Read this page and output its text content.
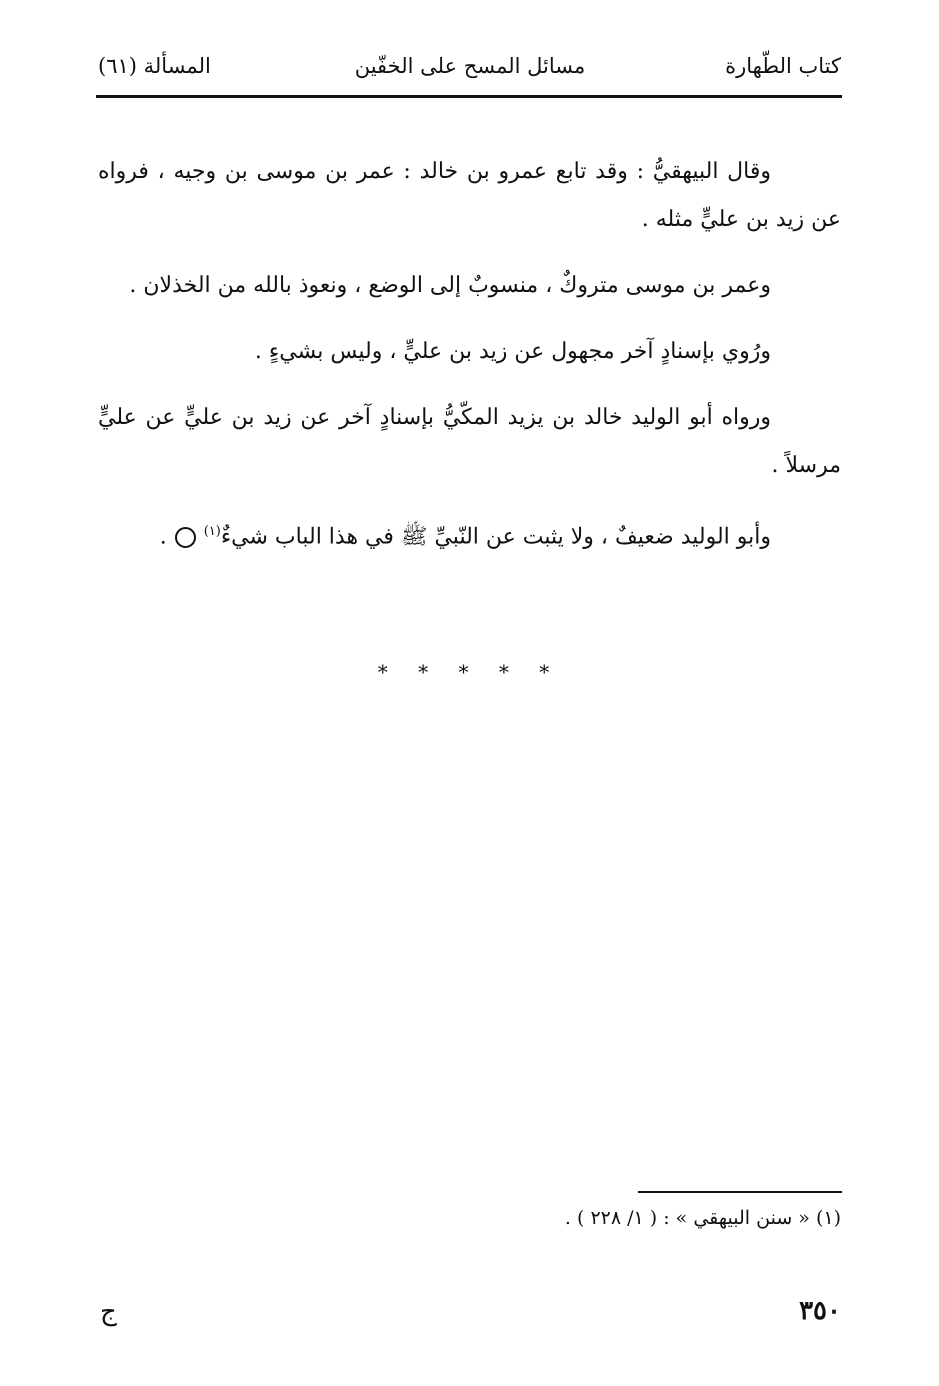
كتاب الطّهارة
مسائل المسح على الخفّين
المسألة (٦١)

وقال البيهقيُّ : وقد تابع عمرو بن خالد : عمر بن موسى بن وجيه ، فرواه عن زيد بن عليٍّ مثله .

وعمر بن موسى متروكٌ ، منسوبٌ إلى الوضع ، ونعوذ بالله من الخذلان .

ورُوي بإسنادٍ آخر مجهول عن زيد بن عليٍّ ، وليس بشيءٍ .

ورواه أبو الوليد خالد بن يزيد المكّيُّ بإسنادٍ آخر عن زيد بن عليٍّ عن عليٍّ مرسلاً .

وأبو الوليد ضعيفٌ ، ولا يثبت عن النّبيِّ ﷺ في هذا الباب شيءٌ$^{(١)}$.

* * * * *
(١) « سنن البيهقي » : ( ١/ ٢٢٨ ) .
٣٥٠
ج
